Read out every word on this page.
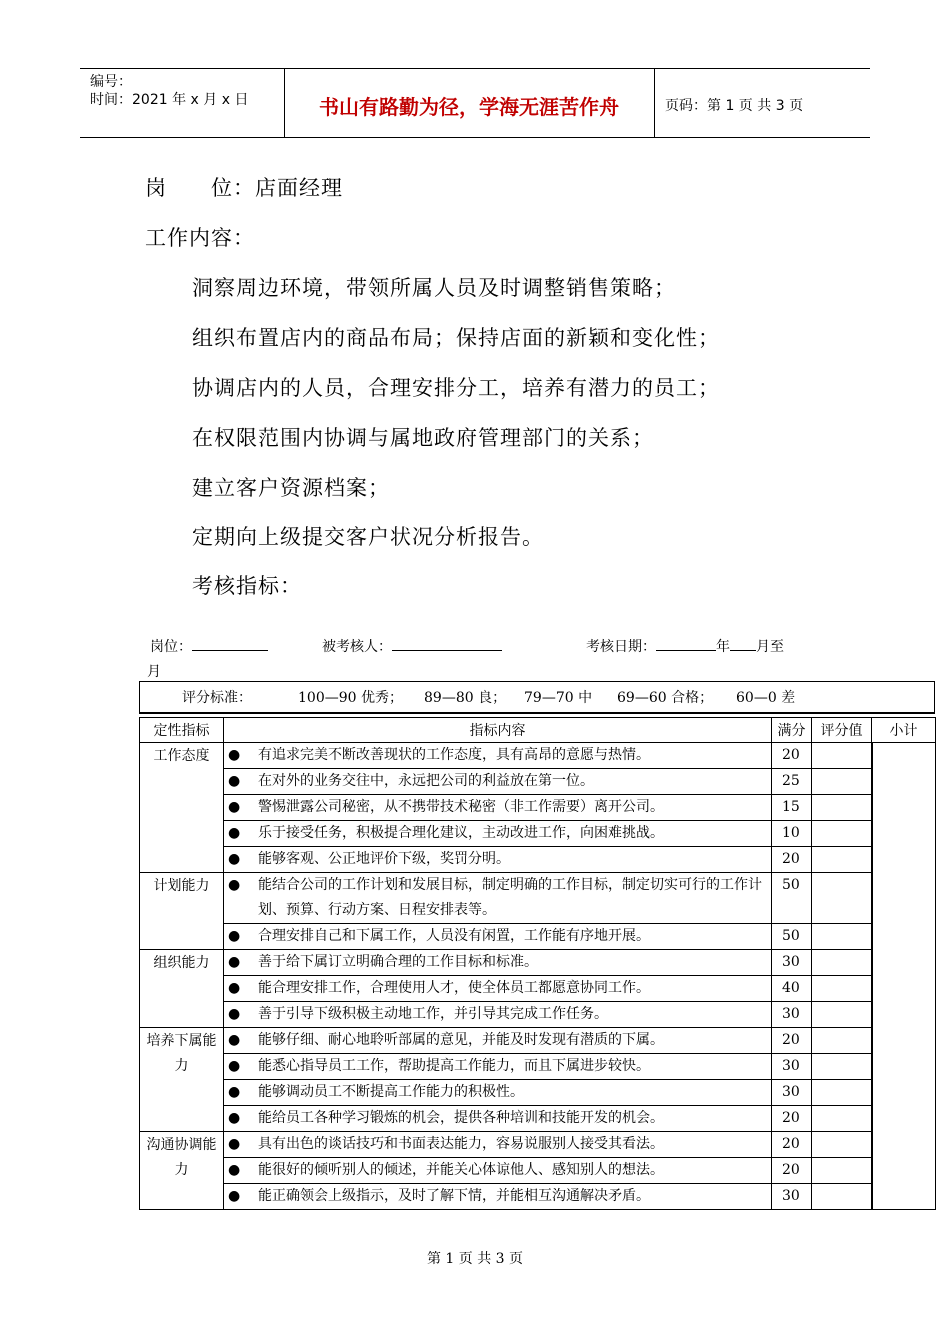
编号：
时间：2021 年 x 月 x 日	书山有路勤为径，学海无涯苦作舟	页码：第 1 页 共 3 页
岗　　位：店面经理
工作内容：
洞察周边环境，带领所属人员及时调整销售策略；
组织布置店内的商品布局；保持店面的新颖和变化性；
协调店内的人员，合理安排分工，培养有潜力的员工；
在权限范围内协调与属地政府管理部门的关系；
建立客户资源档案；
定期向上级提交客户状况分析报告。
考核指标：
岗位：	被考核人：	考核日期：	年 月至
月
评分标准：	100—90 优秀； 89—80 良； 79—70 中 69—60 合格； 60—0 差
定性指标	指标内容	满分	评分值	小计
工作态度	● 有追求完美不断改善现状的工作态度，具有高昂的意愿与热情。	20		
	● 在对外的业务交往中，永远把公司的利益放在第一位。	25		
	● 警惕泄露公司秘密，从不携带技术秘密（非工作需要）离开公司。	15		
	● 乐于接受任务，积极提合理化建议，主动改进工作，向困难挑战。	10		
	● 能够客观、公正地评价下级，奖罚分明。	20		
计划能力	● 能结合公司的工作计划和发展目标，制定明确的工作目标，制定切实可行的工作计划、预算、行动方案、日程安排表等。	50		
	● 合理安排自己和下属工作，人员没有闲置，工作能有序地开展。	50		
组织能力	● 善于给下属订立明确合理的工作目标和标准。	30		
	● 能合理安排工作，合理使用人才，使全体员工都愿意协同工作。	40		
	● 善于引导下级积极主动地工作，并引导其完成工作任务。	30		
培养下属能力	● 能够仔细、耐心地聆听部属的意见，并能及时发现有潜质的下属。	20		
	● 能悉心指导员工工作，帮助提高工作能力，而且下属进步较快。	30		
	● 能够调动员工不断提高工作能力的积极性。	30		
	● 能给员工各种学习锻炼的机会，提供各种培训和技能开发的机会。	20		
沟通协调能力	● 具有出色的谈话技巧和书面表达能力，容易说服别人接受其看法。	20		
	● 能很好的倾听别人的倾述，并能关心体谅他人、感知别人的想法。	20		
	● 能正确领会上级指示，及时了解下情，并能相互沟通解决矛盾。	30		
第 1 页 共 3 页
